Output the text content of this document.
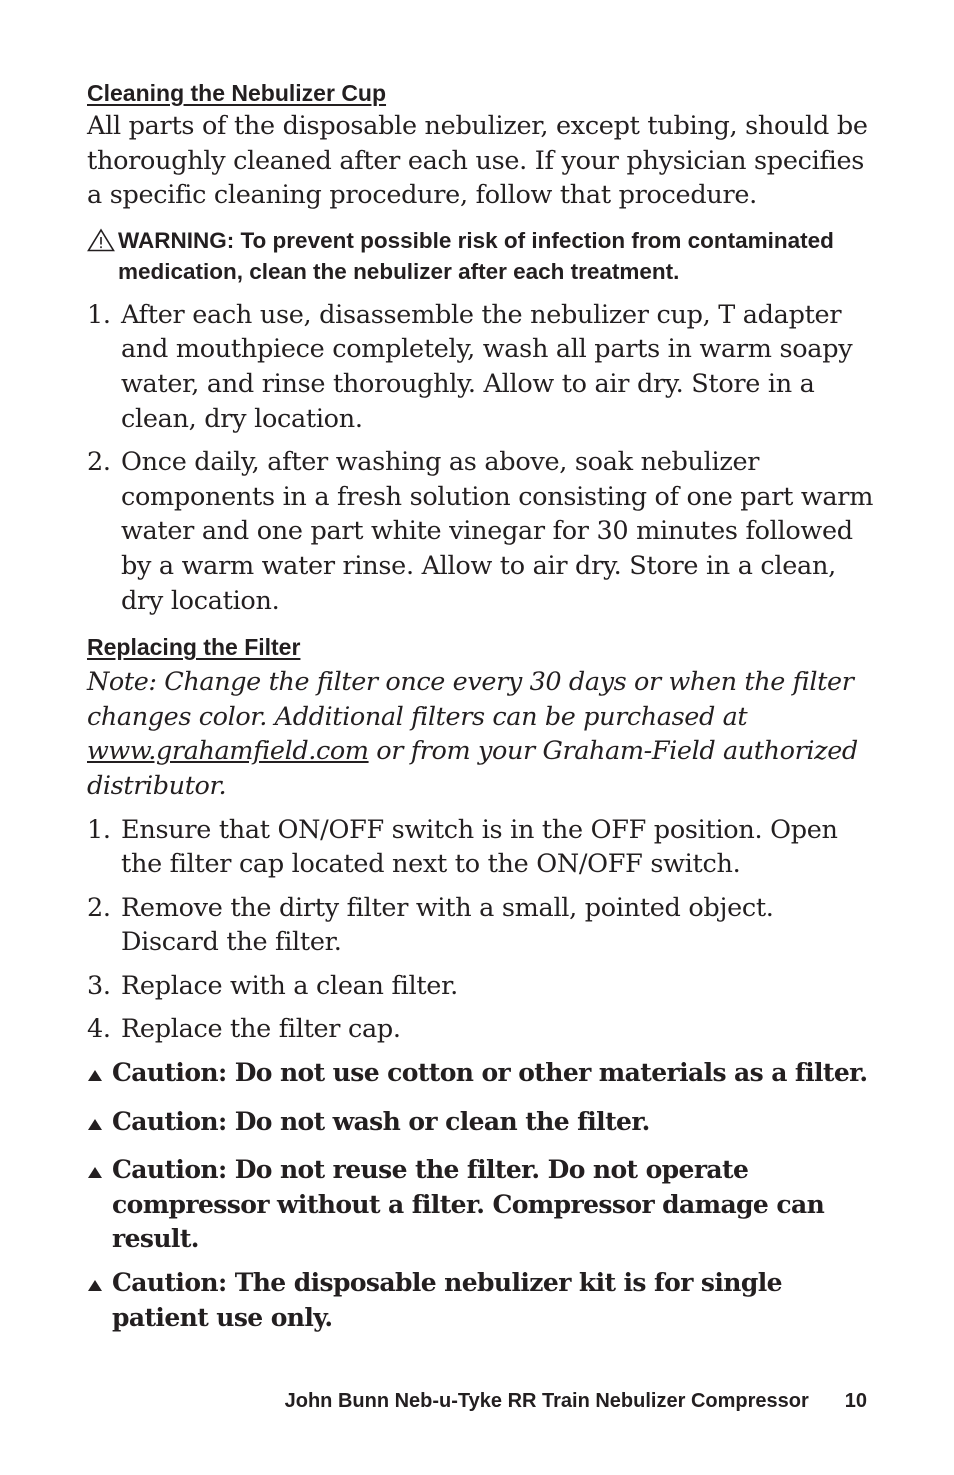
Cleaning the Nebulizer Cup

All parts of the disposable nebulizer, except tubing, should be thoroughly cleaned after each use. If your physician specifies a specific cleaning procedure, follow that procedure.

WARNING: To prevent possible risk of infection from contaminated medication, clean the nebulizer after each treatment.
1. After each use, disassemble the nebulizer cup, T adapter and mouthpiece completely, wash all parts in warm soapy water, and rinse thoroughly. Allow to air dry. Store in a clean, dry location.
2. Once daily, after washing as above, soak nebulizer components in a fresh solution consisting of one part warm water and one part white vinegar for 30 minutes followed by a warm water rinse. Allow to air dry. Store in a clean, dry location.
Replacing the Filter

Note: Change the filter once every 30 days or when the filter changes color. Additional filters can be purchased at www.grahamfield.com or from your Graham-Field authorized distributor.

1. Ensure that ON/OFF switch is in the OFF position. Open the filter cap located next to the ON/OFF switch.
2. Remove the dirty filter with a small, pointed object. Discard the filter.
3. Replace with a clean filter.
4. Replace the filter cap.
Caution: Do not use cotton or other materials as a filter.
Caution: Do not wash or clean the filter.
Caution: Do not reuse the filter. Do not operate compressor without a filter. Compressor damage can result.
Caution: The disposable nebulizer kit is for single patient use only.
John Bunn Neb-u-Tyke RR Train Nebulizer Compressor 10
